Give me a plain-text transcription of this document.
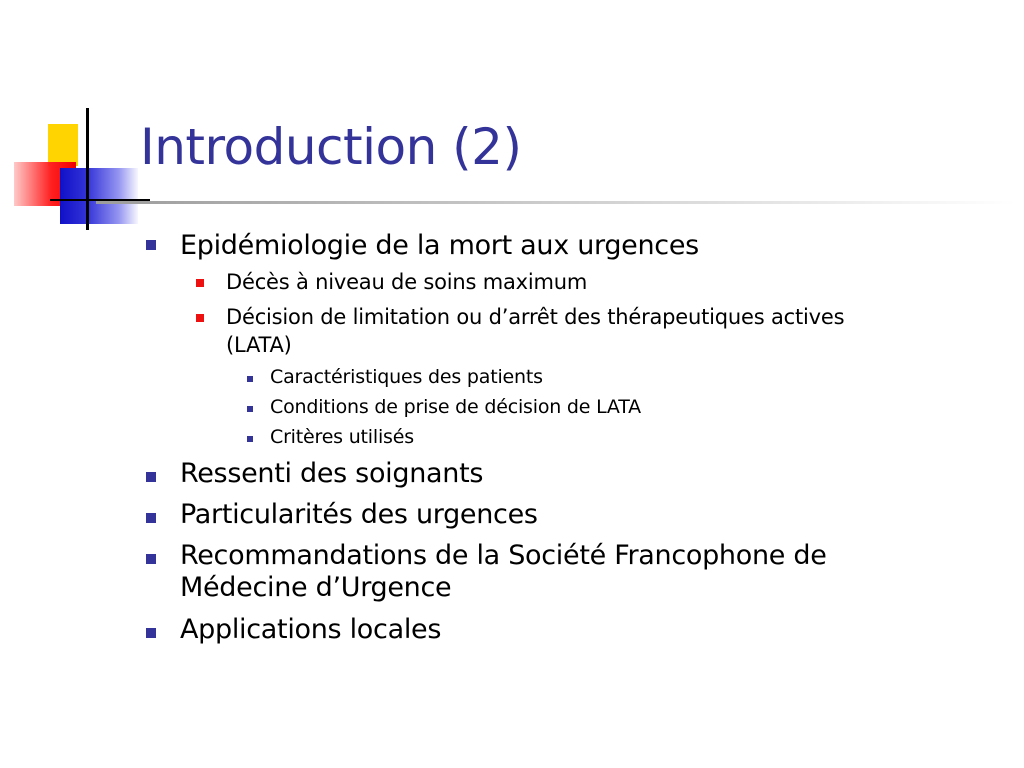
Introduction (2)
Epidémiologie de la mort aux urgences
Décès à niveau de soins maximum
Décision de limitation ou d’arrêt des thérapeutiques actives
(LATA)
Caractéristiques des patients
Conditions de prise de décision de LATA
Critères utilisés
Ressenti des soignants
Particularités des urgences
Recommandations de la Société Francophone de
Médecine d’Urgence
Applications locales
